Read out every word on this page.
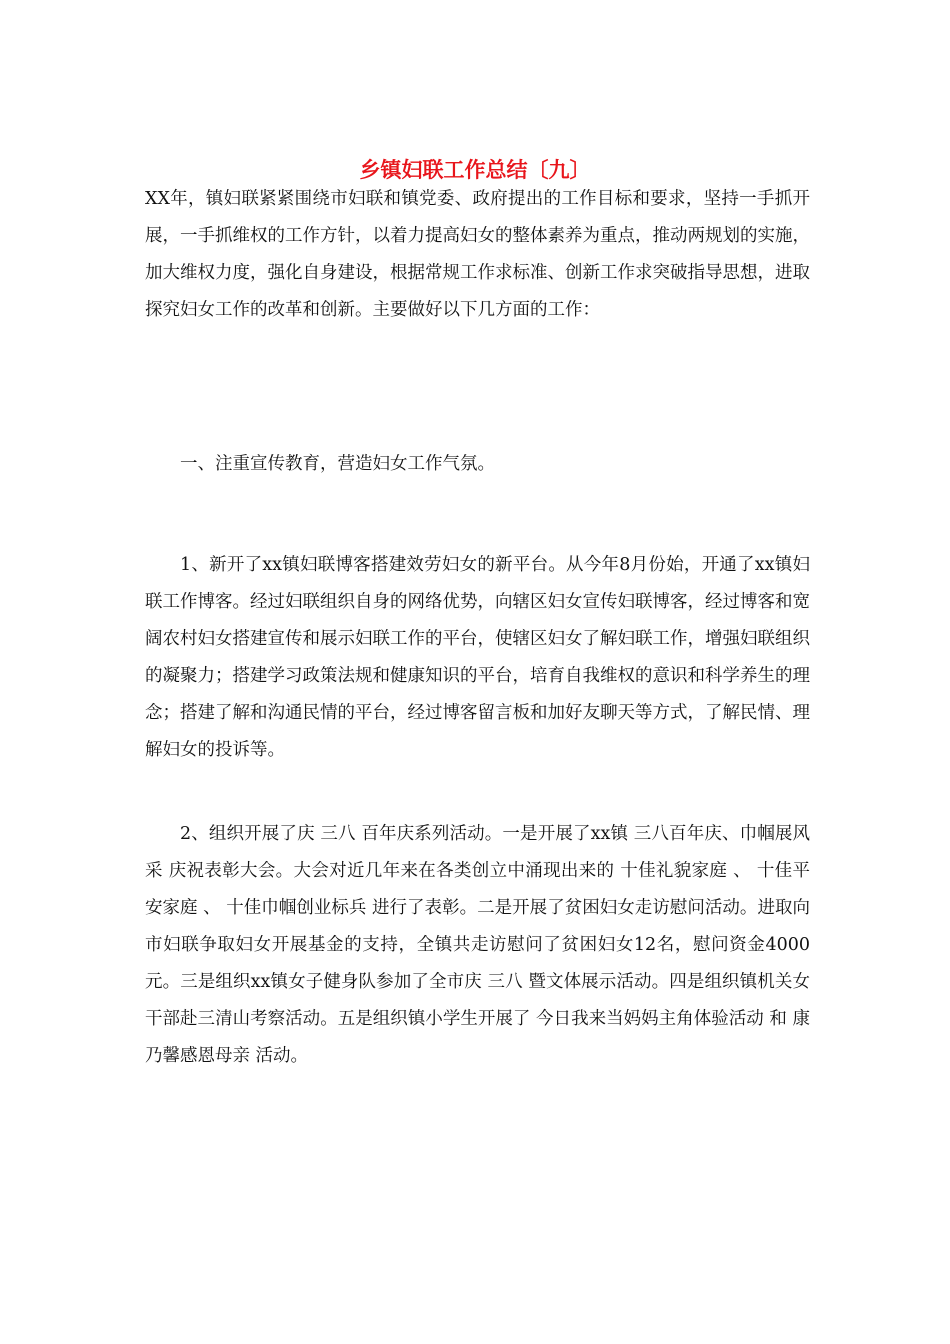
乡镇妇联工作总结〔九〕

XX年，镇妇联紧紧围绕市妇联和镇党委、政府提出的工作目标和要求，坚持一手抓开展，一手抓维权的工作方针，以着力提高妇女的整体素养为重点，推动两规划的实施，加大维权力度，强化自身建设，根据常规工作求标准、创新工作求突破指导思想，进取探究妇女工作的改革和创新。主要做好以下几方面的工作：

一、注重宣传教育，营造妇女工作气氛。

1、新开了xx镇妇联博客搭建效劳妇女的新平台。从今年8月份始，开通了xx镇妇联工作博客。经过妇联组织自身的网络优势，向辖区妇女宣传妇联博客，经过博客和宽阔农村妇女搭建宣传和展示妇联工作的平台，使辖区妇女了解妇联工作，增强妇联组织的凝聚力；搭建学习政策法规和健康知识的平台，培育自我维权的意识和科学养生的理念；搭建了解和沟通民情的平台，经过博客留言板和加好友聊天等方式，了解民情、理解妇女的投诉等。

2、组织开展了庆 三八 百年庆系列活动。一是开展了xx镇 三八百年庆、巾帼展风采 庆祝表彰大会。大会对近几年来在各类创立中涌现出来的 十佳礼貌家庭 、 十佳平安家庭 、 十佳巾帼创业标兵 进行了表彰。二是开展了贫困妇女走访慰问活动。进取向市妇联争取妇女开展基金的支持，全镇共走访慰问了贫困妇女12名，慰问资金4000元。三是组织xx镇女子健身队参加了全市庆 三八 暨文体展示活动。四是组织镇机关女干部赴三清山考察活动。五是组织镇小学生开展了 今日我来当妈妈主角体验活动 和 康乃馨感恩母亲 活动。
